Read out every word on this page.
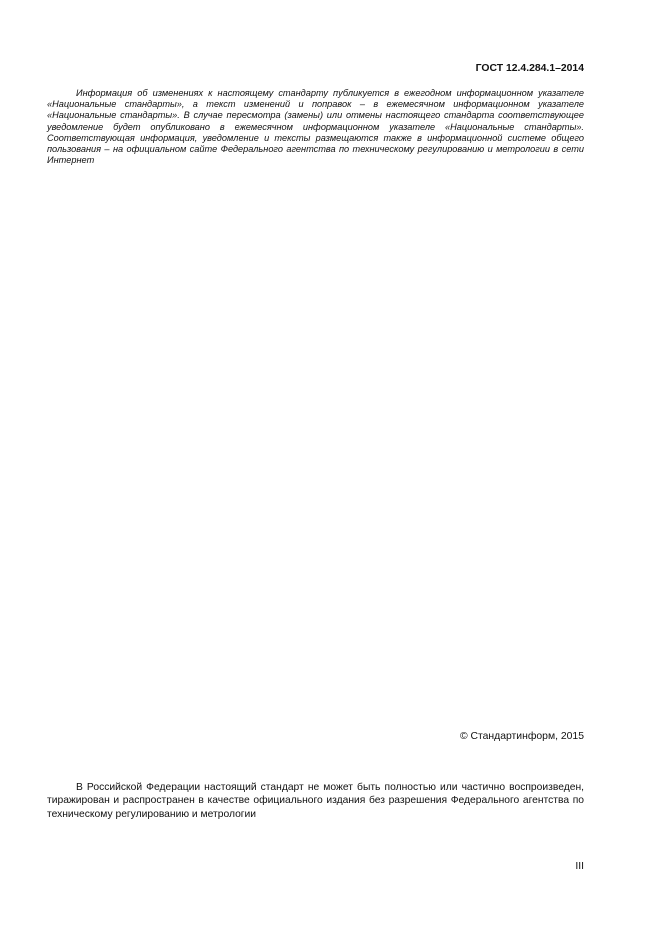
ГОСТ 12.4.284.1–2014

Информация об изменениях к настоящему стандарту публикуется в ежегодном информационном указателе «Национальные стандарты», а текст изменений и поправок – в ежемесячном информационном указателе «Национальные стандарты». В случае пересмотра (замены) или отмены настоящего стандарта соответствующее уведомление будет опубликовано в ежемесячном информационном указателе «Национальные стандарты». Соответствующая информация, уведомление и тексты размещаются также в информационной системе общего пользования – на официальном сайте Федерального агентства по техническому регулированию и метрологии в сети Интернет

© Стандартинформ, 2015

В Российской Федерации настоящий стандарт не может быть полностью или частично воспроизведен, тиражирован и распространен в качестве официального издания без разрешения Федерального агентства по техническому регулированию и метрологии

III
